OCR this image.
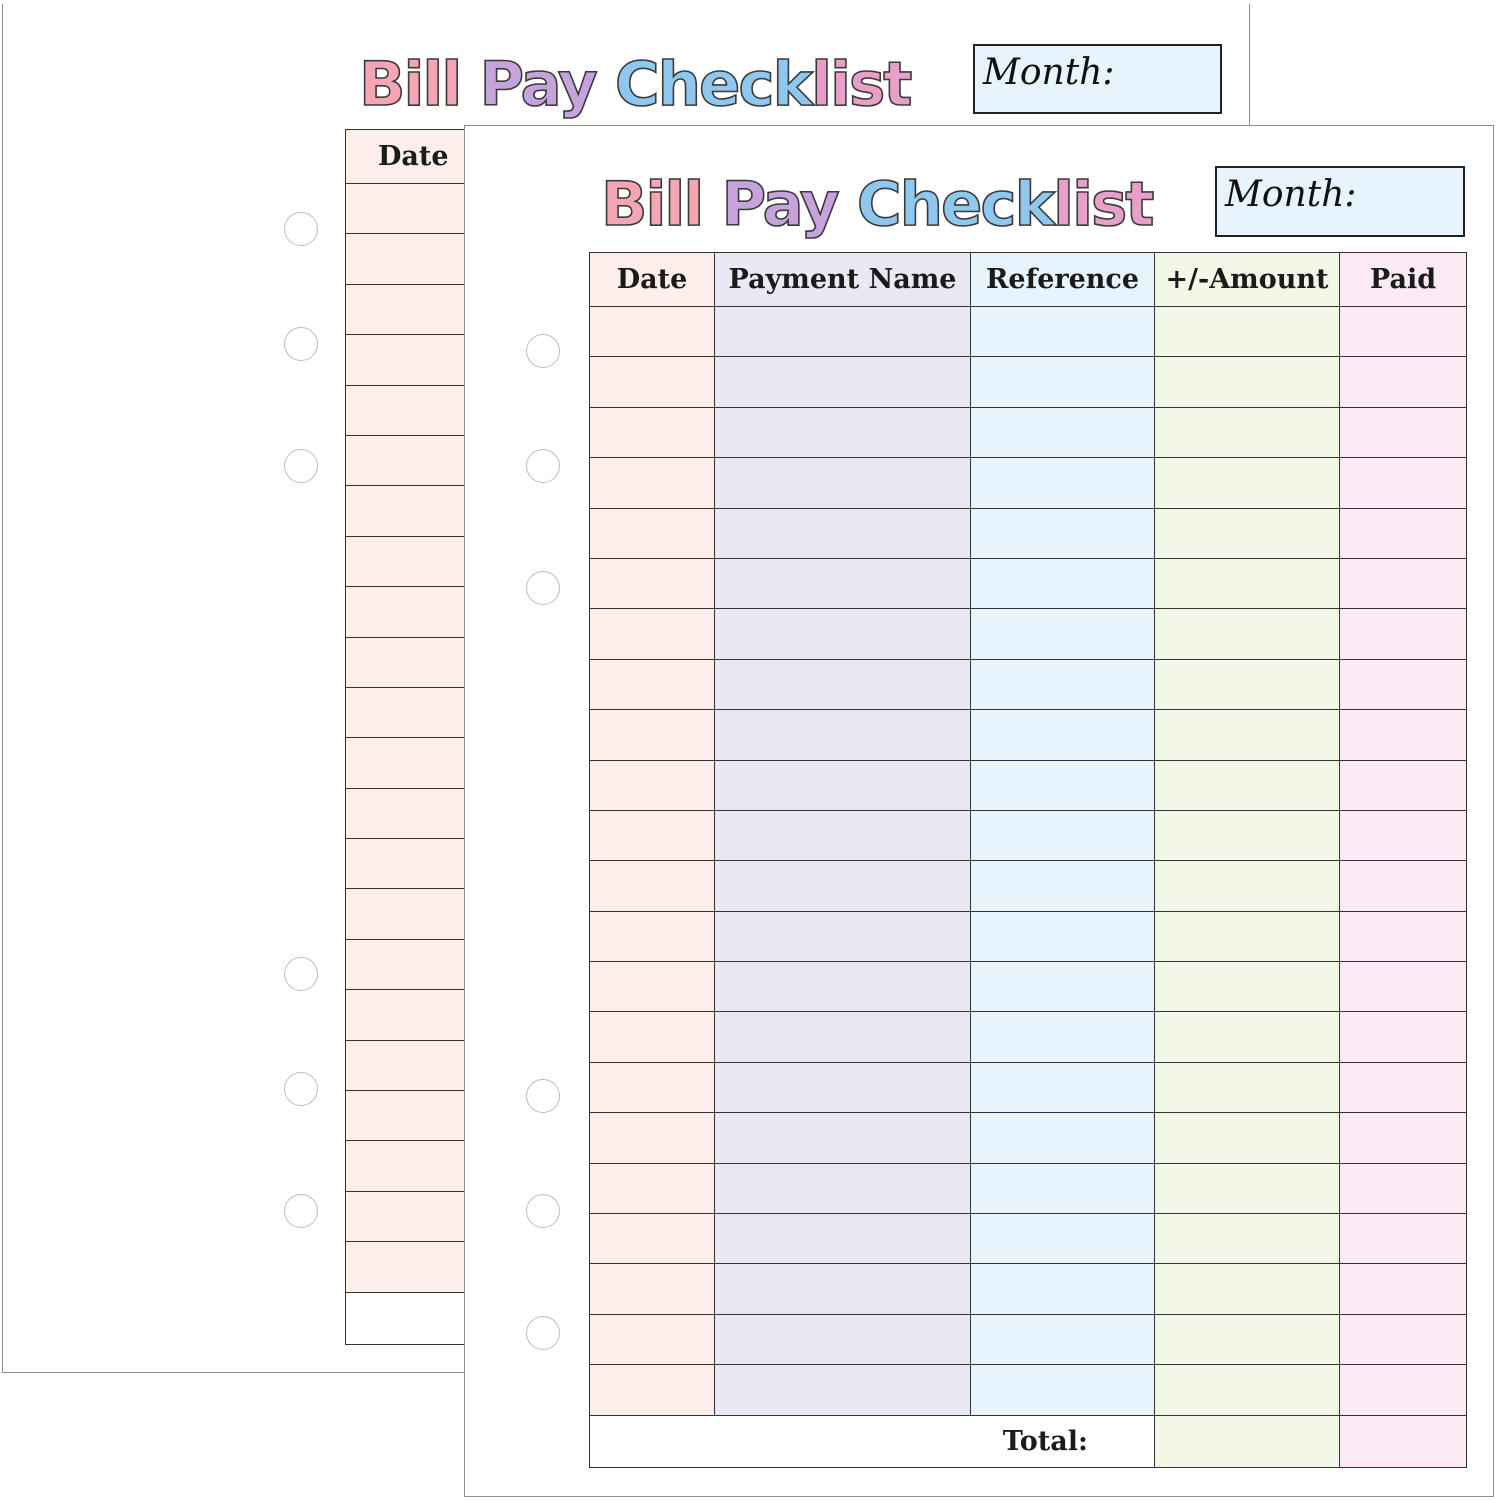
Bill Pay Checklist Month:
Date

Bill Pay Checklist Month:
Date	Payment Name	Reference	+/-Amount	Paid

Total:				
